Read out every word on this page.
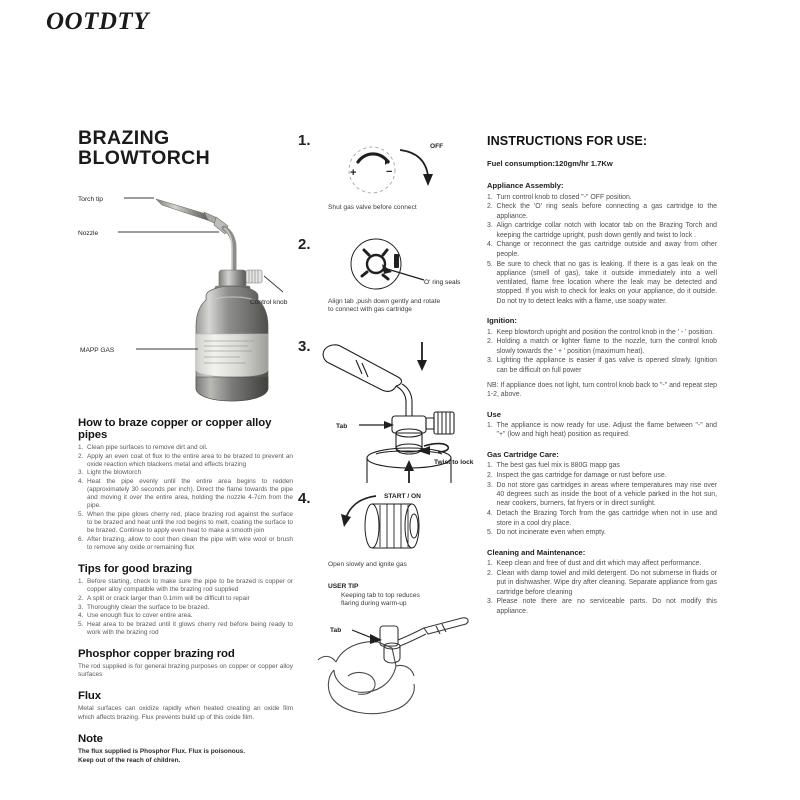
OOTDTY
BRAZING
BLOWTORCH
Torch tip
Nozzle
Control knob
MAPP GAS
How to braze copper or copper alloy pipes
1. Clean pipe surfaces to remove dirt and oil.
2. Apply an even coat of flux to the entire area to be brazed to prevent an oxide reaction which blackens metal and effects brazing
3. Light the blowtorch
4. Heat the pipe evenly until the entire area begins to redden (approximately 30 seconds per inch). Direct the flame towards the pipe and moving it over the entire area, holding the nozzle 4-7cm from the pipe.
5. When the pipe glows cherry red, place brazing rod against the surface to be brazed and heat until the rod begins to melt, coating the surface to be brazed. Continue to apply even heat to make a smooth join
6. After brazing, allow to cool then clean the pipe with wire wool or brush to remove any oxide or remaining flux
Tips for good brazing
1. Before starting, check to make sure the pipe to be brazed is copper or copper alloy compatible with the brazing rod supplied
2. A split or crack larger than 0.1mm will be difficult to repair
3. Thoroughly clean the surface to be brazed.
4. Use enough flux to cover entire area.
5. Heat area to be brazed until it glows cherry red before being ready to work with the brazing rod
Phosphor copper brazing rod

The rod supplied is for general brazing purposes on copper or copper alloy surfaces

Flux

Metal surfaces can oxidize rapidly when heated creating an oxide film which affects brazing. Flux prevents build up of this oxide film.

Note

The flux supplied is Phosphor Flux. Flux is poisonous.

Keep out of the reach of children.

1.
+	−
OFF
Shut gas valve before connect
2.
O' ring seals
Align tab ,push down gently and rotate
to connect with gas cartridge
3.
Twist to lock
Tab
4.	START / ON
Open slowly and ignite gas
USER TIP
Keeping tab to top reduces
flaring during warm-up
Tab
INSTRUCTIONS FOR USE:

Fuel consumption:120gm/hr 1.7Kw

Appliance Assembly:
1. Turn control knob to closed "-" OFF position.
2. Check the 'O' ring seals before connecting a gas cartridge to the appliance.
3. Align cartridge collar notch with locator tab on the Brazing Torch and keeping the cartridge upright, push down gently and twist to lock .
4. Change or reconnect the gas cartridge outside and away from other people.
5. Be sure to check that no gas is leaking. If there is a gas leak on the appliance (smell of gas), take it outside immediately into a well ventilated, flame free location where the leak may be detected and stopped. If you wish to check for leaks on your appliance, do it outside. Do not try to detect leaks with a flame, use soapy water.
Ignition:
1. Keep blowtorch upright and position the control knob in the ' - ' position.
2. Holding a match or lighter flame to the nozzle, turn the control knob slowly towards the ' + ' position (maximum heat).
3. Lighting the appliance is easier if gas valve is opened slowly. Ignition can be difficult on full power

NB: If appliance does not light, turn control knob back to "-" and repeat step 1-2, above.

Use
1. The appliance is now ready for use. Adjust the flame between "-" and "+" (low and high heat) position as required.
Gas Cartridge Care:
1. The best gas fuel mix is 880G mapp gas
2. Inspect the gas cartridge for damage or rust before use.
3. Do not store gas cartridges in areas where temperatures may rise over 40 degrees such as inside the boot of a vehicle parked in the hot sun, near cookers, burners, fat fryers or in direct sunlight.
4. Detach the Brazing Torch from the gas cartridge when not in use and store in a cool dry place.
5. Do not incinerate even when empty.
Cleaning and Maintenance:
1. Keep clean and free of dust and dirt which may affect performance.
2. Clean with damp towel and mild detergent. Do not submerse in fluids or put in dishwasher. Wipe dry after cleaning. Separate appliance from gas cartridge before cleaning
3. Please note there are no serviceable parts. Do not modify this appliance.
